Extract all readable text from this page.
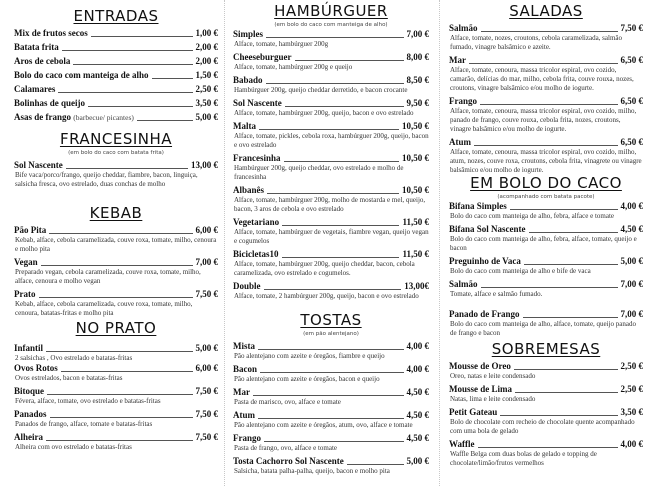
ENTRADAS
Mix de frutos secos	1,00 €
Batata frita	2,00 €
Aros de cebola	2,00 €
Bolo do caco com manteiga de alho	1,50 €
Calamares	2,50 €
Bolinhas de queijo	3,50 €
Asas de frango (barbecue/ picantes)	5,00 €
FRANCESINHA
(em bolo do caco com batata frita)
Sol Nascente	13,00 €
Bife vaca/porco/frango, queijo cheddar, fiambre, bacon, linguiça, salsicha fresca, ovo estrelado, duas conchas de molho
KEBAB
Pão Pita	6,00 €
Kebab, alface, cebola caramelizada, couve roxa, tomate, milho, cenoura e molho pita
Vegan	7,00 €
Preparado vegan, cebola caramelizada, couve roxa, tomate, milho, alface, cenoura e molho vegan
Prato	7,50 €
Kebab, alface, cebola caramelizada, couve roxa, tomate, milho, cenoura, batatas-fritas e molho pita
NO PRATO
Infantil	5,00 €
2 salsichas , Ovo estrelado e batatas-fritas
Ovos Rotos	6,00 €
Ovos estrelados, bacon e batatas-fritas
Bitoque	7,50 €
Févera, alface, tomate, ovo estrelado e batatas-fritas
Panados	7,50 €
Panados de frango, alface, tomate e batatas-fritas
Alheira	7,50 €
Alheira com ovo estrelado e batatas-fritas
HAMBÚRGUER
(em bolo do caco com manteiga de alho)
Simples	7,00 €
Alface, tomate, hambúrguer 200g
Cheeseburguer	8,00 €
Alface, tomate, hambúrguer 200g e queijo
Babado	8,50 €
Hambúrguer 200g, queijo cheddar derretido, e bacon crocante
Sol Nascente	9,50 €
Alface, tomate, hambúrguer 200g, queijo, bacon e ovo estrelado
Malta	10,50 €
Alface, tomate, pickles, cebola roxa, hambúrguer 200g, queijo, bacon e ovo estrelado
Francesinha	10,50 €
Hambúrguer 200g, queijo cheddar, ovo estrelado e molho de francesinha
Albanês	10,50 €
Alface, tomate, hambúrguer 200g, molho de mostarda e mel, queijo, bacon, 3 aros de cebola e ovo estrelado
Vegetariano	11,50 €
Alface, tomate, hambúrguer de vegetais, fiambre vegan, queijo vegan e cogumelos
Bicicletas10	11,50 €
Alface, tomate, hambúrguer 200g, queijo cheddar, bacon, cebola caramelizada, ovo estrelado e cogumelos.
Double	13,00€
Alface, tomate, 2 hambúrguer 200g, queijo, bacon e ovo estrelado
TOSTAS
(em pão alentejano)
Mista	4,00 €
Pão alentejano com azeite e óregãos, fiambre e queijo
Bacon	4,00 €
Pão alentejano com azeite e óregãos, bacon e queijo
Mar	4,50 €
Pasta de marisco, ovo, alface e tomate
Atum	4,50 €
Pão alentejano com azeite e óregãos, atum, ovo, alface e tomate
Frango	4,50 €
Pasta de frango, ovo, alface e tomate
Tosta Cachorro Sol Nascente	5,00 €
Salsicha, batata palha-palha, queijo, bacon e molho pita
SALADAS
Salmão	7,50 €
Alface, tomate, nozes, croutons, cebola caramelizada, salmão fumado, vinagre balsâmico e azeite.
Mar	6,50 €
Alface, tomate, cenoura, massa tricolor espiral, ovo cozido, camarão, delícias do mar, milho, cebola frita, couve rouxa, nozes, croutons, vinagre balsâmico e/ou molho de iogurte.
Frango	6,50 €
Alface, tomate, cenoura, massa tricolor espiral, ovo cozido, milho, panado de frango, couve rouxa, cebola frita, nozes, croutons, vinagre balsâmico e/ou molho de iogurte.
Atum	6,50 €
Alface, tomate, cenoura, massa tricolor espiral, ovo cozido, milho, atum, nozes, couve roxa, croutons, cebola frita, vinagrete ou vinagre balsâmico e/ou molho de iogurte.
EM BOLO DO CACO
(acompanhado com batata pacote)
Bifana Simples	4,00 €
Bolo do caco com manteiga de alho, febra, alface e tomate
Bifana Sol Nascente	4,50 €
Bolo do caco com manteiga de alho, febra, alface, tomate, queijo e bacon
Preguinho de Vaca	5,00 €
Bolo do caco com manteiga de alho e bife de vaca
Salmão	7,00 €
Tomate, alface e salmão fumado.
Panado de Frango	7,00 €
Bolo do caco com manteiga de alho, alface, tomate, queijo panado de frango e bacon
SOBREMESAS
Mousse de Oreo	2,50 €
Oreo, natas e leite condensado
Mousse de Lima	2,50 €
Natas, lima e leite condensado
Petit Gateau	3,50 €
Bolo de chocolate com recheio de chocolate quente acompanhado com uma bola de gelado
Waffle	4,00 €
Waffle Belga com duas bolas de gelado e topping de chocolate/limão/frutos vermelhos
